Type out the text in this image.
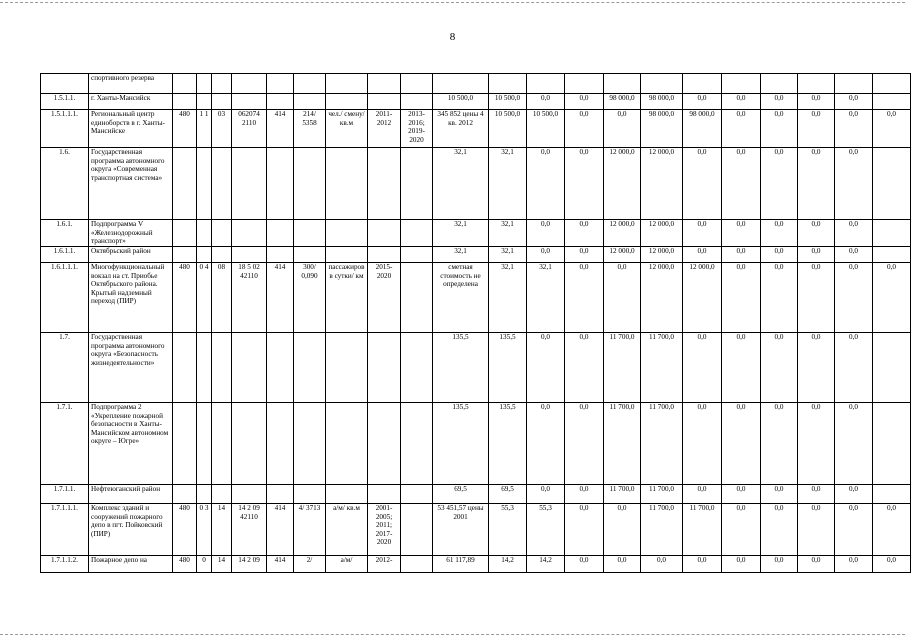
8
	спортивного резерва																					
1.5.1.1.	г. Ханты-Мансийск										10 500,0	10 500,0	0,0	0,0	98 000,0	98 000,0	0,0	0,0	0,0	0,0	0,0	
1.5.1.1.1.	Региональный центр единоборств в г. Ханты-Мансийске	480	1 1	03	062074 2110	414	214/ 5358	чел./ смену/ кв.м	2011-2012	2013-2016; 2019-2020	345 852 цены 4 кв. 2012	10 500,0	10 500,0	0,0	0,0	98 000,0	98 000,0	0,0	0,0	0,0	0,0	0,0
1.6.	Государственная программа автономного округа «Современная транспортная система»										32,1	32,1	0,0	0,0	12 000,0	12 000,0	0,0	0,0	0,0	0,0	0,0	
1.6.1.	Подпрограмма V «Железнодорожный транспорт»										32,1	32,1	0,0	0,0	12 000,0	12 000,0	0,0	0,0	0,0	0,0	0,0	
1.6.1.1.	Октябрьский район										32,1	32,1	0,0	0,0	12 000,0	12 000,0	0,0	0,0	0,0	0,0	0,0	
1.6.1.1.1.	Многофункциональный вокзал на ст. Приобье Октябрьского района. Крытый надземный переход (ПИР)	480	0 4	08	18 5 02 42110	414	300/ 0,090	пассажиров в сутки/ км	2015-2020		сметная стоимость не определена	32,1	32,1	0,0	0,0	12 000,0	12 000,0	0,0	0,0	0,0	0,0	0,0
1.7.	Государственная программа автономного округа «Безопасность жизнедеятельности»										135,5	135,5	0,0	0,0	11 700,0	11 700,0	0,0	0,0	0,0	0,0	0,0	
1.7.1.	Подпрограмма 2 «Укрепление пожарной безопасности в Ханты-Мансийском автономном округе – Югре»										135,5	135,5	0,0	0,0	11 700,0	11 700,0	0,0	0,0	0,0	0,0	0,0	
1.7.1.1.	Нефтеюганский район										69,5	69,5	0,0	0,0	11 700,0	11 700,0	0,0	0,0	0,0	0,0	0,0	
1.7.1.1.1.	Комплекс зданий и сооружений пожарного депо в пгт. Пойковский (ПИР)	480	0 3	14	14 2 09 42110	414	4/ 3713	а/м/ кв.м	2001-2005; 2011; 2017-2020		53 451,57 цены 2001	55,3	55,3	0,0	0,0	11 700,0	11 700,0	0,0	0,0	0,0	0,0	0,0
1.7.1.1.2.	Пожарное депо на	480	0	14	14 2 09	414	2/	а/м/	2012-		61 117,89	14,2	14,2	0,0	0,0	0,0	0,0	0,0	0,0	0,0	0,0	0,0
